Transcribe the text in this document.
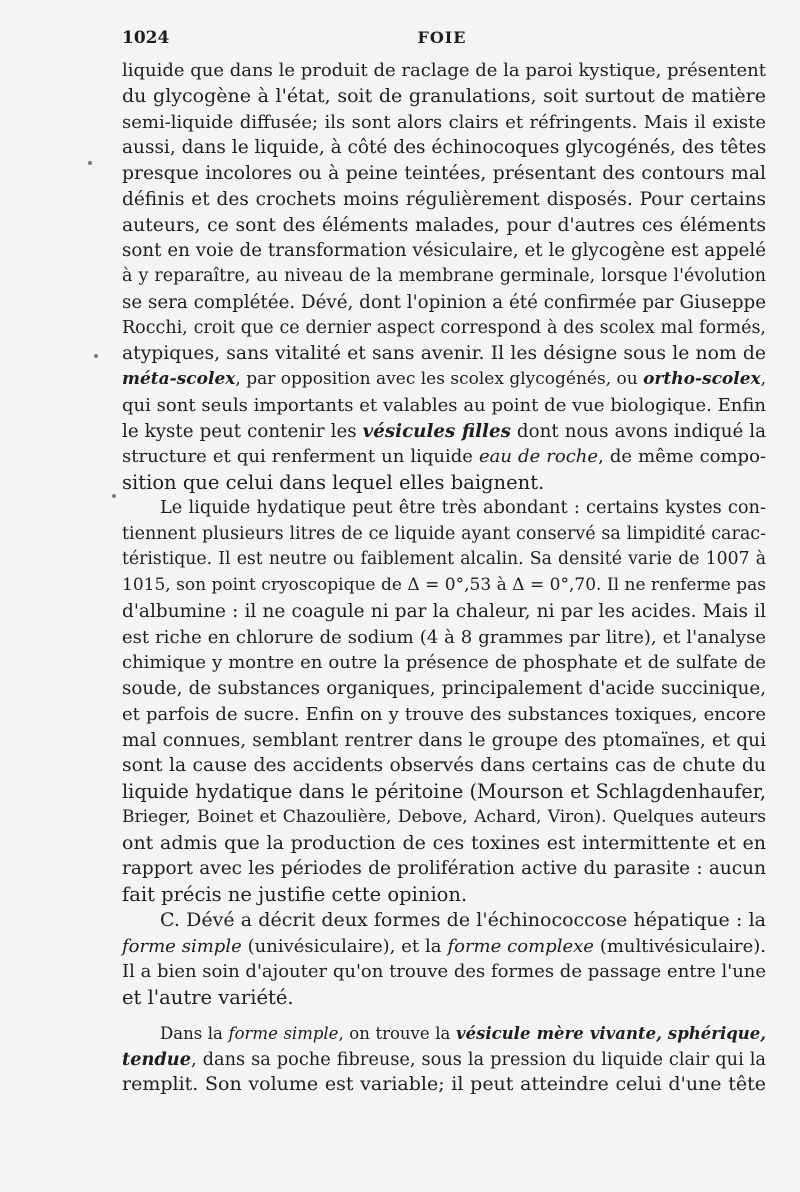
1024	FOIE
liquide que dans le produit de raclage de la paroi kystique, présentent
du glycogène à l'état, soit de granulations, soit surtout de matière
semi-liquide diffusée; ils sont alors clairs et réfringents. Mais il existe
aussi, dans le liquide, à côté des échinocoques glycogénés, des têtes
presque incolores ou à peine teintées, présentant des contours mal
définis et des crochets moins régulièrement disposés. Pour certains
auteurs, ce sont des éléments malades, pour d'autres ces éléments
sont en voie de transformation vésiculaire, et le glycogène est appelé
à y reparaître, au niveau de la membrane germinale, lorsque l'évolution
se sera complétée. Dévé, dont l'opinion a été confirmée par Giuseppe
Rocchi, croit que ce dernier aspect correspond à des scolex mal formés,
atypiques, sans vitalité et sans avenir. Il les désigne sous le nom de
méta-scolex, par opposition avec les scolex glycogénés, ou ortho-scolex,
qui sont seuls importants et valables au point de vue biologique. Enfin
le kyste peut contenir les vésicules filles dont nous avons indiqué la
structure et qui renferment un liquide eau de roche, de même compo-
sition que celui dans lequel elles baignent.
Le liquide hydatique peut être très abondant : certains kystes con-
tiennent plusieurs litres de ce liquide ayant conservé sa limpidité carac-
téristique. Il est neutre ou faiblement alcalin. Sa densité varie de 1007 à
1015, son point cryoscopique de Δ = 0°,53 à Δ = 0°,70. Il ne renferme pas
d'albumine : il ne coagule ni par la chaleur, ni par les acides. Mais il
est riche en chlorure de sodium (4 à 8 grammes par litre), et l'analyse
chimique y montre en outre la présence de phosphate et de sulfate de
soude, de substances organiques, principalement d'acide succinique,
et parfois de sucre. Enfin on y trouve des substances toxiques, encore
mal connues, semblant rentrer dans le groupe des ptomaïnes, et qui
sont la cause des accidents observés dans certains cas de chute du
liquide hydatique dans le péritoine (Mourson et Schlagdenhaufer,
Brieger, Boinet et Chazoulière, Debove, Achard, Viron). Quelques auteurs
ont admis que la production de ces toxines est intermittente et en
rapport avec les périodes de prolifération active du parasite : aucun
fait précis ne justifie cette opinion.
C. Dévé a décrit deux formes de l'échinococcose hépatique : la
forme simple (univésiculaire), et la forme complexe (multivésiculaire).
Il a bien soin d'ajouter qu'on trouve des formes de passage entre l'une
et l'autre variété.
Dans la forme simple, on trouve la vésicule mère vivante, sphérique,
tendue, dans sa poche fibreuse, sous la pression du liquide clair qui la
remplit. Son volume est variable; il peut atteindre celui d'une tête
